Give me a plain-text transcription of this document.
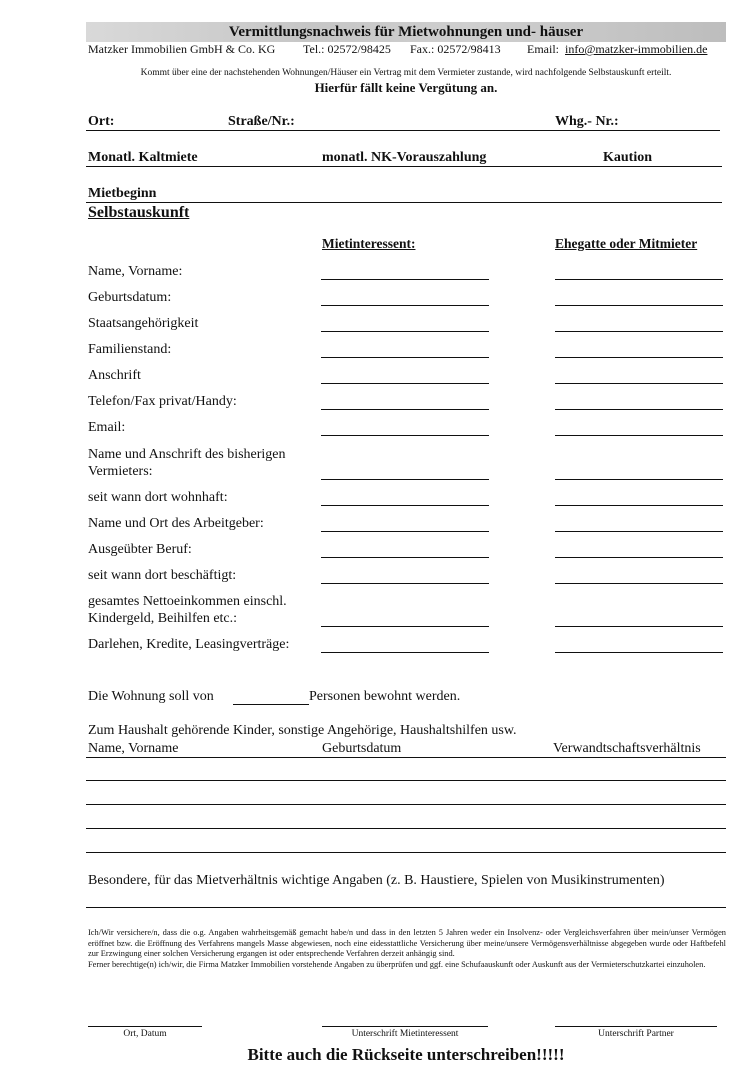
Vermittlungsnachweis für Mietwohnungen und- häuser
Matzker Immobilien GmbH & Co. KG Tel.: 02572/98425 Fax.: 02572/98413 Email: info@matzker-immobilien.de
Kommt über eine der nachstehenden Wohnungen/Häuser ein Vertrag mit dem Vermieter zustande, wird nachfolgende Selbstauskunft erteilt.
Hierfür fällt keine Vergütung an.
Ort:	Straße/Nr.:	Whg.- Nr.:
Monatl. Kaltmiete	monatl. NK-Vorauszahlung	Kaution
Mietbeginn
Selbstauskunft
Mietinteressent:	Ehegatte oder Mitmieter
Name, Vorname:
Geburtsdatum:
Staatsangehörigkeit
Familienstand:
Anschrift
Telefon/Fax privat/Handy:
Email:
Name und Anschrift des bisherigen Vermieters:
seit wann dort wohnhaft:
Name und Ort des Arbeitgeber:
Ausgeübter Beruf:
seit wann dort beschäftigt:
gesamtes Nettoeinkommen einschl. Kindergeld, Beihilfen etc.:
Darlehen, Kredite, Leasingverträge:
Die Wohnung soll von	Personen bewohnt werden.
Zum Haushalt gehörende Kinder, sonstige Angehörige, Haushaltshilfen usw.
Name, Vorname	Geburtsdatum	Verwandtschaftsverhältnis
Besondere, für das Mietverhältnis wichtige Angaben (z. B. Haustiere, Spielen von Musikinstrumenten)
Ich/Wir versichere/n, dass die o.g. Angaben wahrheitsgemäß gemacht habe/n und dass in den letzten 5 Jahren weder ein Insolvenz- oder Vergleichsverfahren über mein/unser Vermögen eröffnet bzw. die Eröffnung des Verfahrens mangels Masse abgewiesen, noch eine eidesstattliche Versicherung über meine/unsere Vermögensverhältnisse abgegeben wurde oder Haftbefehl zur Erzwingung einer solchen Versicherung ergangen ist oder entsprechende Verfahren derzeit anhängig sind.
Ferner berechtige(n) ich/wir, die Firma Matzker Immobilien vorstehende Angaben zu überprüfen und ggf. eine Schufaauskunft oder Auskunft aus der Vermieterschutzkartei einzuholen.
Ort, Datum	Unterschrift Mietinteressent	Unterschrift Partner
Bitte auch die Rückseite unterschreiben!!!!!
